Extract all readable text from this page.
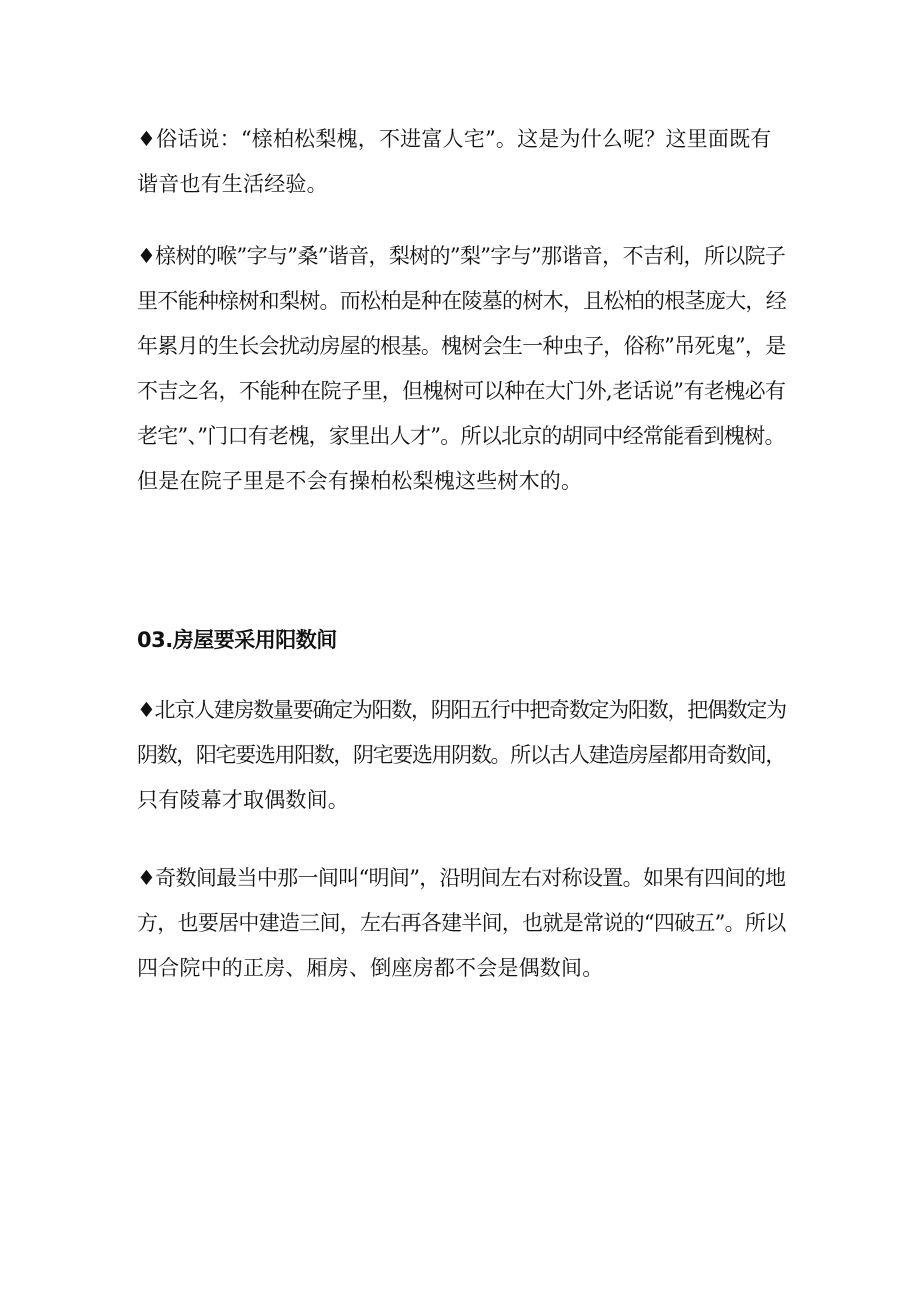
♦俗话说：“榇柏松梨槐，不进富人宅”。这是为什么呢？这里面既有
谐音也有生活经验。

♦榇树的喉”字与”桑”谐音，梨树的”梨”字与”那谐音，不吉利，所以院子
里不能种榇树和梨树。而松柏是种在陵墓的树木，且松柏的根茎庞大，经
年累月的生长会扰动房屋的根基。槐树会生一种虫子，俗称”吊死鬼”，是
不吉之名，不能种在院子里，但槐树可以种在大门外,老话说”有老槐必有
老宅”、”门口有老槐，家里出人才”。所以北京的胡同中经常能看到槐树。
但是在院子里是不会有操柏松梨槐这些树木的。

03.房屋要采用阳数间

♦北京人建房数量要确定为阳数，阴阳五行中把奇数定为阳数，把偶数定为
阴数，阳宅要选用阳数，阴宅要选用阴数。所以古人建造房屋都用奇数间，
只有陵幕才取偶数间。

♦奇数间最当中那一间叫“明间”，沿明间左右对称设置。如果有四间的地
方，也要居中建造三间，左右再各建半间，也就是常说的“四破五”。所以
四合院中的正房、厢房、倒座房都不会是偶数间。
